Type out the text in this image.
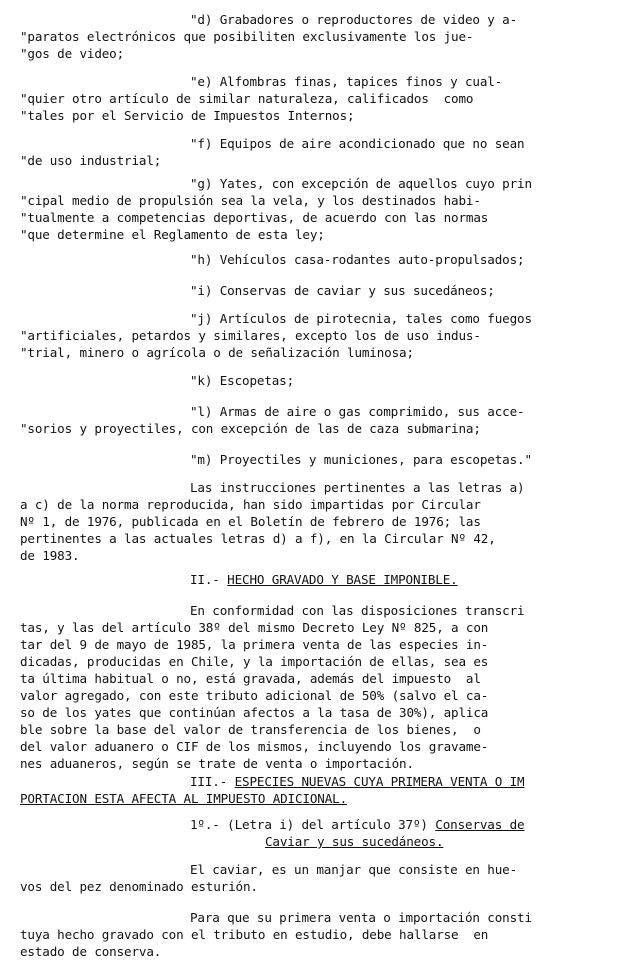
"d) Grabadores o reproductores de video y a-
"paratos electrónicos que posibiliten exclusivamente los jue-
"gos de video;
"e) Alfombras finas, tapices finos y cual-
"quier otro artículo de similar naturaleza, calificados  como
"tales por el Servicio de Impuestos Internos;
"f) Equipos de aire acondicionado que no sean
"de uso industrial;
"g) Yates, con excepción de aquellos cuyo prin
"cipal medio de propulsión sea la vela, y los destinados habi-
"tualmente a competencias deportivas, de acuerdo con las normas
"que determine el Reglamento de esta ley;
"h) Vehículos casa-rodantes auto-propulsados;
"i) Conservas de caviar y sus sucedáneos;
"j) Artículos de pirotecnia, tales como fuegos
"artificiales, petardos y similares, excepto los de uso indus-
"trial, minero o agrícola o de señalización luminosa;
"k) Escopetas;
"l) Armas de aire o gas comprimido, sus acce-
"sorios y proyectiles, con excepción de las de caza submarina;
"m) Proyectiles y municiones, para escopetas."
Las instrucciones pertinentes a las letras a)
a c) de la norma reproducida, han sido impartidas por Circular
Nº 1, de 1976, publicada en el Boletín de febrero de 1976; las
pertinentes a las actuales letras d) a f), en la Circular Nº 42,
de 1983.
II.- HECHO GRAVADO Y BASE IMPONIBLE.
En conformidad con las disposiciones transcri
tas, y las del artículo 38º del mismo Decreto Ley Nº 825, a con
tar del 9 de mayo de 1985, la primera venta de las especies in-
dicadas, producidas en Chile, y la importación de ellas, sea es
ta última habitual o no, está gravada, además del impuesto  al
valor agregado, con este tributo adicional de 50% (salvo el ca-
so de los yates que continúan afectos a la tasa de 30%), aplica
ble sobre la base del valor de transferencia de los bienes,  o
del valor aduanero o CIF de los mismos, incluyendo los gravame-
nes aduaneros, según se trate de venta o importación.
III.- ESPECIES NUEVAS CUYA PRIMERA VENTA O IM
PORTACION ESTA AFECTA AL IMPUESTO ADICIONAL.
1º.- (Letra i) del artículo 37º) Conservas de
Caviar y sus sucedáneos.
El caviar, es un manjar que consiste en hue-
vos del pez denominado esturión.
Para que su primera venta o importación consti
tuya hecho gravado con el tributo en estudio, debe hallarse  en
estado de conserva.
